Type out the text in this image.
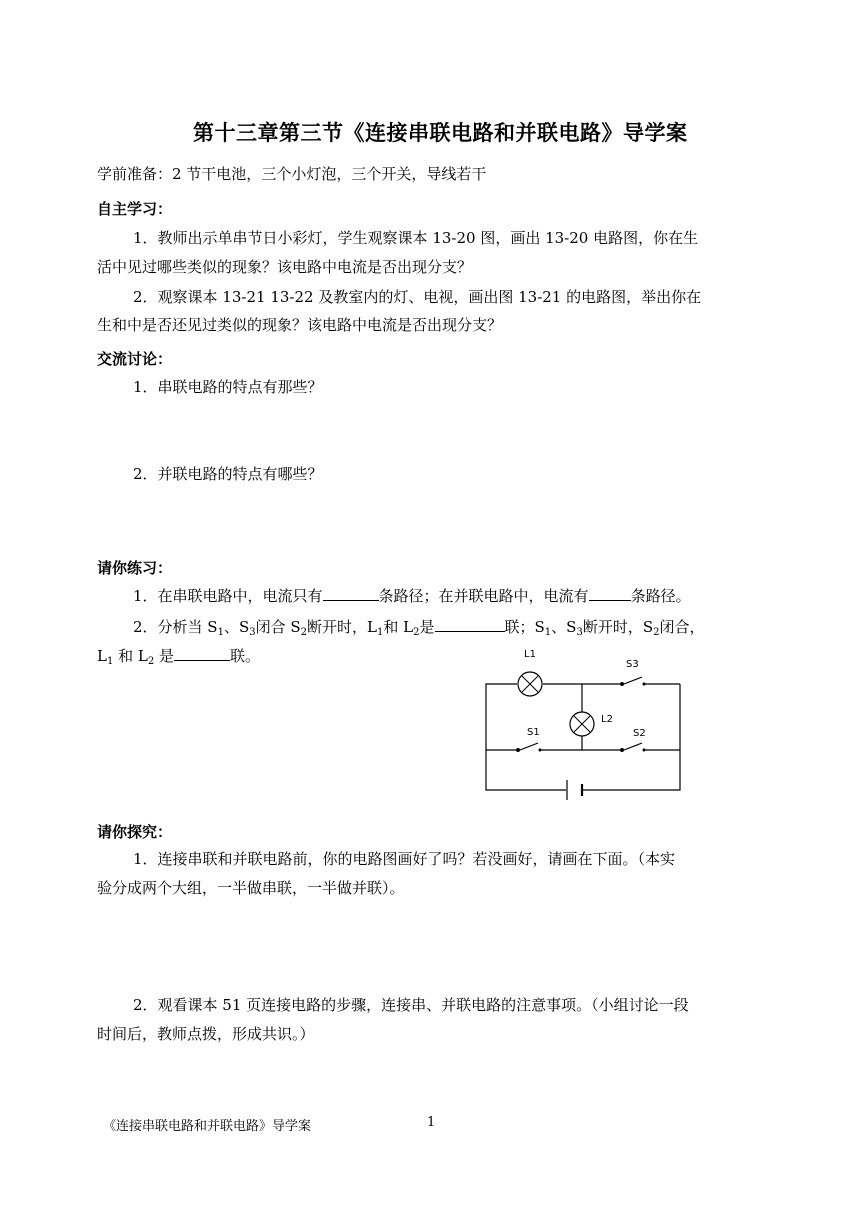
第十三章第三节《连接串联电路和并联电路》导学案
学前准备：2 节干电池，三个小灯泡，三个开关，导线若干
自主学习：
1．教师出示单串节日小彩灯，学生观察课本 13-20 图，画出 13-20 电路图，你在生
活中见过哪些类似的现象？该电路中电流是否出现分支？
2．观察课本 13-21 13-22 及教室内的灯、电视，画出图 13-21 的电路图，举出你在
生和中是否还见过类似的现象？该电路中电流是否出现分支？
交流讨论：
1．串联电路的特点有那些？
2．并联电路的特点有哪些？
请你练习：
1．在串联电路中，电流只有	条路径；在并联电路中，电流有	条路径。
2．分析当 $S_1$、$S_3$闭合 $S_2$断开时，$L_1$和 $L_2$是	联；$S_1$、$S_3$断开时，$S_2$闭合，
$L_1$ 和 $L_2$ 是	联。	L1
L2
S3
S1	S2
请你探究：
1．连接串联和并联电路前，你的电路图画好了吗？若没画好，请画在下面。（本实
验分成两个大组，一半做串联，一半做并联）。
2．观看课本 51 页连接电路的步骤，连接串、并联电路的注意事项。（小组讨论一段
时间后，教师点拨，形成共识。）
《连接串联电路和并联电路》导学案	1
